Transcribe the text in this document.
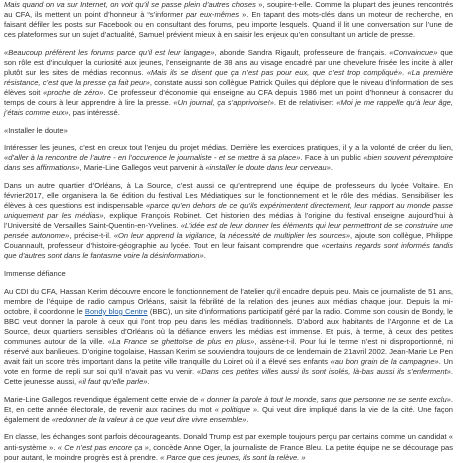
Mais quand on va sur Internet, on voit qu’il se passe plein d’autres choses », soupire-t-elle. Comme la plupart des jeunes rencontrés au CFA, ils mettent un point d’honneur à “s’informer par eux-mêmes ». En tapant des mots-clés dans un moteur de recherche, en faisant défiler les posts sur Facebook ou en consultant des forums, peu importe lesquels. Quand il lit une conversation sur l’une de ces plateformes sur un sujet d’actualité, Samuel prévient mieux à en saisir les enjeux qu’en consultant un article de presse.

«Beaucoup préfèrent les forums parce qu’il est leur langage», abonde Sandra Rigault, professeure de français. «Convaincue» que son rôle est d’inculquer la curiosité aux jeunes, l’enseignante de 38 ans au visage encadré par une chevelure frisée les incite à aller plutôt sur les sites de médias reconnus. «Mais ils se disent que ça n’est pas pour eux, que c’est trop compliqué». «La première résistance, c’est que la presse ça fait peur», constate aussi son collègue Patrick Quiles qui déplore que le niveau d’information de ses élèves soit «proche de zéro». Ce professeur d’économie qui enseigne au CFA depuis 1986 met un point d’honneur à consacrer du temps de cours à leur apprendre à lire la presse. «Un journal, ça s’apprivoise!». Et de relativiser: «Moi je me rappelle qu’à leur âge, j’étais comme eux», pas intéressé.

«Installer le doute»

Intéresser les jeunes, c’est en creux tout l’enjeu du projet médias. Derrière les exercices pratiques, il y a la volonté de créer du lien, «d’aller à la rencontre de l’autre - en l’occurence le journaliste - et se mettre à sa place». Face à un public «bien souvent péremptoire dans ses affirmations», Marie-Line Gallegos veut parvenir à «installer le doute dans leur cerveau».

Dans un autre quartier d’Orléans, à La Source, c’est aussi ce qu’entreprend une équipe de professeurs du lycée Voltaire. En février2017, elle organisera la 6e édition du festival Les Médiatiques sur le fonctionnement et le rôle des médias. Sensibiliser les élèves à ces questions est indispensable «parce qu’en dehors de ce qu’ils expérimentent directement, leur rapport au monde passe uniquement par les médias», explique François Robinet. Cet historien des médias à l’origine du festival enseigne aujourd’hui à l’Université de Versailles Saint-Quentin-en-Yvelines. «L’idée est de leur donner les éléments qui leur permettront de se construire une pensée autonome», précise-t-il. «On leur apprend la vigilance, la nécessité de multiplier les sources», ajoute son collègue, Philippe Couannault, professeur d’histoire-géographie au lycée. Tout en leur faisant comprendre que «certains regards sont informés tandis que d’autres sont dans le fantasme voire la désinformation».

Immense défiance

Au CDI du CFA, Hassan Kerim découvre encore le fonctionnement de l’atelier qu’il encadre depuis peu. Mais ce journaliste de 51 ans, membre de l’équipe de radio campus Orléans, saisit la fébrilité de la relation des jeunes aux médias chaque jour. Depuis la mi-octobre, il coordonne le Bondy blog Centre (BBC), un site d’informations participatif géré par la radio. Comme son cousin de Bondy, le BBC veut donner la parole à ceux qui l’ont trop peu dans les médias traditionnels. D’abord aux habitants de l’Argonne et de La Source, deux quartiers sensibles d’Orléans où la défiance envers les médias est immense. Et puis, à terme, à ceux des petites communes autour de la ville. «La France se ghettoïse de plus en plus», assène-t-il. Pour lui le terme n’est ni disproportionné, ni réservé aux banlieues. D’origine togolaise, Hassan Kerim se souviendra toujours de ce lendemain de 21avril 2002. Jean-Marie Le Pen avait fait un score très important dans la petite ville tranquille du Loiret où il a élevé ses enfants «au bon grain de la campagne». Un vote en forme de repli sur soi qu’il n’avait pas vu venir. «Dans ces petites villes aussi ils sont isolés, là-bas aussi ils s’enferment». Cette jeunesse aussi, «il faut qu’elle parle».

Marie-Line Gallegos revendique également cette envie de « donner la parole à tout le monde, sans que personne ne se sente exclu». Et, en cette année électorale, de revenir aux racines du mot « politique ». Qui veut dire impliqué dans la vie de la cité. Une façon également de «redonner de la valeur à ce que veut dire vivre ensemble».

En classe, les échanges sont parfois décourageants. Donald Trump est par exemple toujours perçu par certains comme un candidat « anti-système ». « Ce n’est pas encore ça », concède Anne Oger, la journaliste de France Bleu. La petite équipe ne se décourage pas pour autant, le moindre progrès est à prendre. « Parce que ces jeunes, ils sont la relève. »
